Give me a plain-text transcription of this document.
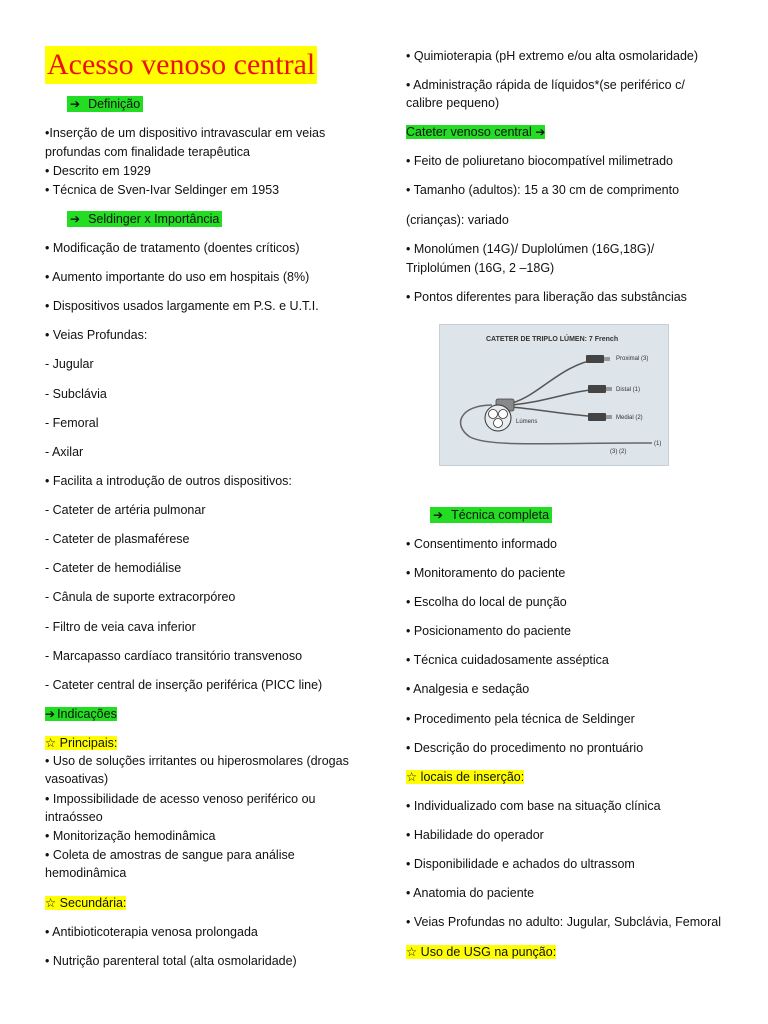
Acesso venoso central
➔ Definição
•Inserção de um dispositivo intravascular em veias
profundas com finalidade terapêutica
• Descrito em 1929
• Técnica de Sven-Ivar Seldinger em 1953
➔ Seldinger x Importância
• Modificação de tratamento (doentes críticos)
• Aumento importante do uso em hospitais (8%)
• Dispositivos usados largamente em P.S. e U.T.I.
• Veias Profundas:
- Jugular
- Subclávia
- Femoral
- Axilar
• Facilita a introdução de outros dispositivos:
- Cateter de artéria pulmonar
- Cateter de plasmaférese
- Cateter de hemodiálise
- Cânula de suporte extracorpóreo
- Filtro de veia cava inferior
- Marcapasso cardíaco transitório transvenoso
- Cateter central de inserção periférica (PICC line)
➔ Indicações
☆ Principais:
• Uso de soluções irritantes ou hiperosmolares (drogas
vasoativas)
• Impossibilidade de acesso venoso periférico ou
intraósseo
• Monitorização hemodinâmica
• Coleta de amostras de sangue para análise
hemodinâmica
☆ Secundária:
• Antibioticoterapia venosa prolongada
• Nutrição parenteral total (alta osmolaridade)
• Quimioterapia (pH extremo e/ou alta osmolaridade)
• Administração rápida de líquidos*(se periférico c/
calibre pequeno)
Cateter venoso central ➔
• Feito de poliuretano biocompatível milimetrado
• Tamanho (adultos): 15 a 30 cm de comprimento
(crianças): variado
• Monolúmen (14G)/ Duplolúmen (16G,18G)/
Triplolúmen (16G, 2 –18G)
• Pontos diferentes para liberação das substâncias
➔ Técnica completa
• Consentimento informado
• Monitoramento do paciente
• Escolha do local de punção
• Posicionamento do paciente
• Técnica cuidadosamente asséptica
• Analgesia e sedação
• Procedimento pela técnica de Seldinger
• Descrição do procedimento no prontuário
☆ locais de inserção:
• Individualizado com base na situação clínica
• Habilidade do operador
• Disponibilidade e achados do ultrassom
• Anatomia do paciente
• Veias Profundas no adulto: Jugular, Subclávia, Femoral
☆ Uso de USG na punção:
CATETER DE TRIPLO LÚMEN: 7 French
Proximal (3)
Distal (1)
Medial (2)
Lúmens
(1)
(3) (2)
